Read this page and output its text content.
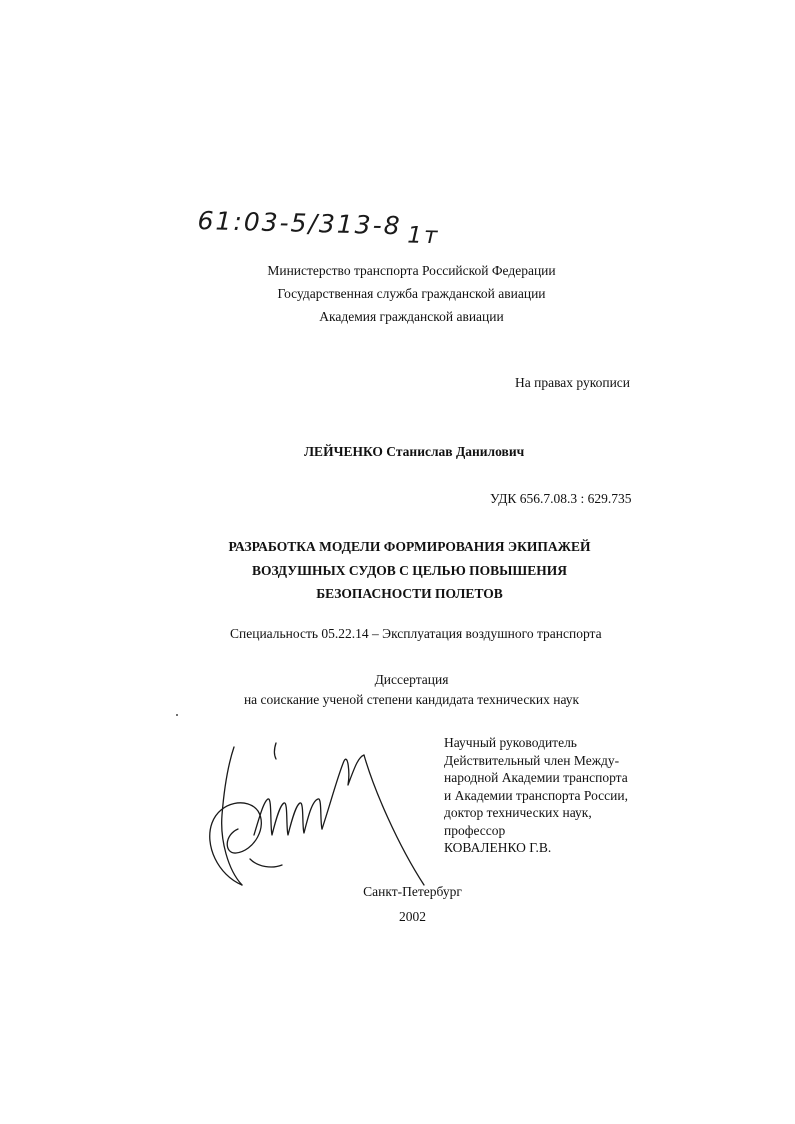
61:03-5/313-8 1т
Министерство транспорта Российской Федерации
Государственная служба гражданской авиации
Академия гражданской авиации
На правах рукописи
ЛЕЙЧЕНКО Станислав Данилович
УДК 656.7.08.3 : 629.735
РАЗРАБОТКА МОДЕЛИ ФОРМИРОВАНИЯ ЭКИПАЖЕЙ
ВОЗДУШНЫХ СУДОВ С ЦЕЛЬЮ ПОВЫШЕНИЯ
БЕЗОПАСНОСТИ ПОЛЕТОВ
Специальность 05.22.14 – Эксплуатация воздушного транспорта
Диссертация
на соискание ученой степени кандидата технических наук
Научный руководитель
Действительный член Между-
народной Академии транспорта
и Академии транспорта России,
доктор технических наук,
профессор
КОВАЛЕНКО Г.В.
Санкт-Петербург
2002
